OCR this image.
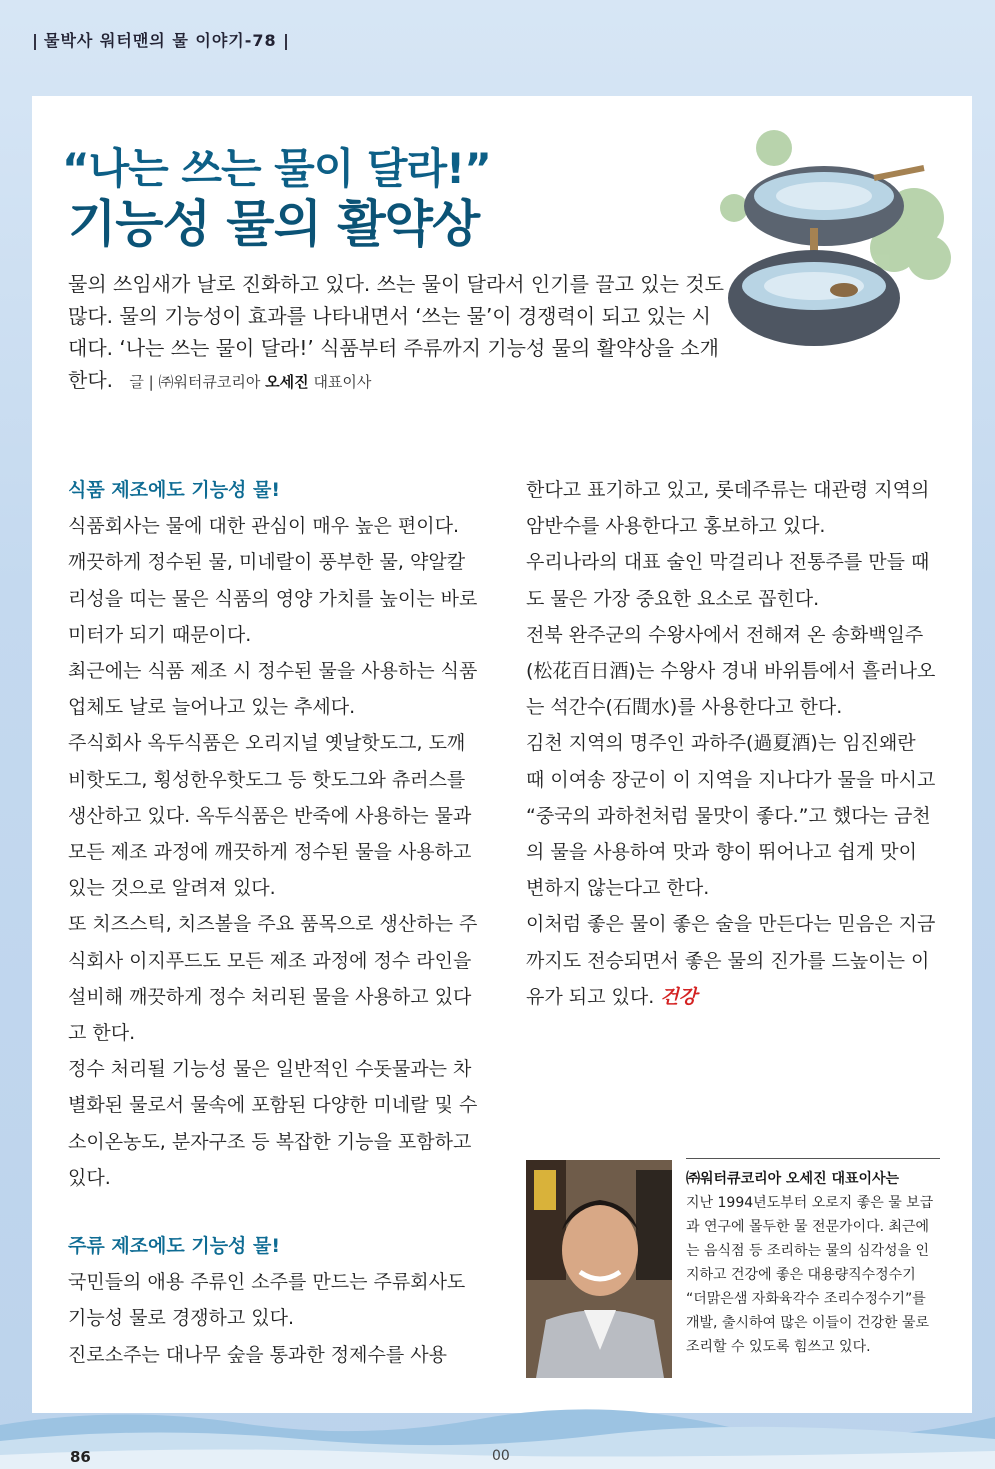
물박사 워터맨의 물 이야기-78
“나는 쓰는 물이 달라!”
기능성 물의 활약상
물의 쓰임새가 날로 진화하고 있다. 쓰는 물이 달라서 인기를 끌고 있는 것도 많다. 물의 기능성이 효과를 나타내면서 ‘쓰는 물’이 경쟁력이 되고 있는 시대다. ‘나는 쓰는 물이 달라!’ 식품부터 주류까지 기능성 물의 활약상을 소개한다. 글 | ㈜워터큐코리아 오세진 대표이사

식품 제조에도 기능성 물!

식품회사는 물에 대한 관심이 매우 높은 편이다. 깨끗하게 정수된 물, 미네랄이 풍부한 물, 약알칼리성을 띠는 물은 식품의 영양 가치를 높이는 바로미터가 되기 때문이다.

최근에는 식품 제조 시 정수된 물을 사용하는 식품업체도 날로 늘어나고 있는 추세다.

주식회사 옥두식품은 오리지널 옛날핫도그, 도깨비핫도그, 횡성한우핫도그 등 핫도그와 츄러스를 생산하고 있다. 옥두식품은 반죽에 사용하는 물과 모든 제조 과정에 깨끗하게 정수된 물을 사용하고 있는 것으로 알려져 있다.

또 치즈스틱, 치즈볼을 주요 품목으로 생산하는 주식회사 이지푸드도 모든 제조 과정에 정수 라인을 설비해 깨끗하게 정수 처리된 물을 사용하고 있다고 한다.

정수 처리될 기능성 물은 일반적인 수돗물과는 차별화된 물로서 물속에 포함된 다양한 미네랄 및 수소이온농도, 분자구조 등 복잡한 기능을 포함하고 있다.

주류 제조에도 기능성 물!

국민들의 애용 주류인 소주를 만드는 주류회사도 기능성 물로 경쟁하고 있다.

진로소주는 대나무 숲을 통과한 정제수를 사용

한다고 표기하고 있고, 롯데주류는 대관령 지역의 암반수를 사용한다고 홍보하고 있다.

우리나라의 대표 술인 막걸리나 전통주를 만들 때도 물은 가장 중요한 요소로 꼽힌다.

전북 완주군의 수왕사에서 전해져 온 송화백일주(松花百日酒)는 수왕사 경내 바위틈에서 흘러나오는 석간수(石間水)를 사용한다고 한다.

김천 지역의 명주인 과하주(過夏酒)는 임진왜란 때 이여송 장군이 이 지역을 지나다가 물을 마시고 “중국의 과하천처럼 물맛이 좋다.”고 했다는 금천의 물을 사용하여 맛과 향이 뛰어나고 쉽게 맛이 변하지 않는다고 한다.

이처럼 좋은 물이 좋은 술을 만든다는 믿음은 지금까지도 전승되면서 좋은 물의 진가를 드높이는 이유가 되고 있다. 건강

㈜워터큐코리아 오세진 대표이사는
지난 1994년도부터 오로지 좋은 물 보급과 연구에 몰두한 물 전문가이다. 최근에는 음식점 등 조리하는 물의 심각성을 인지하고 건강에 좋은 대용량직수정수기 “더맑은샘 자화육각수 조리수정수기”를 개발, 출시하여 많은 이들이 건강한 물로 조리할 수 있도록 힘쓰고 있다.
86	00
